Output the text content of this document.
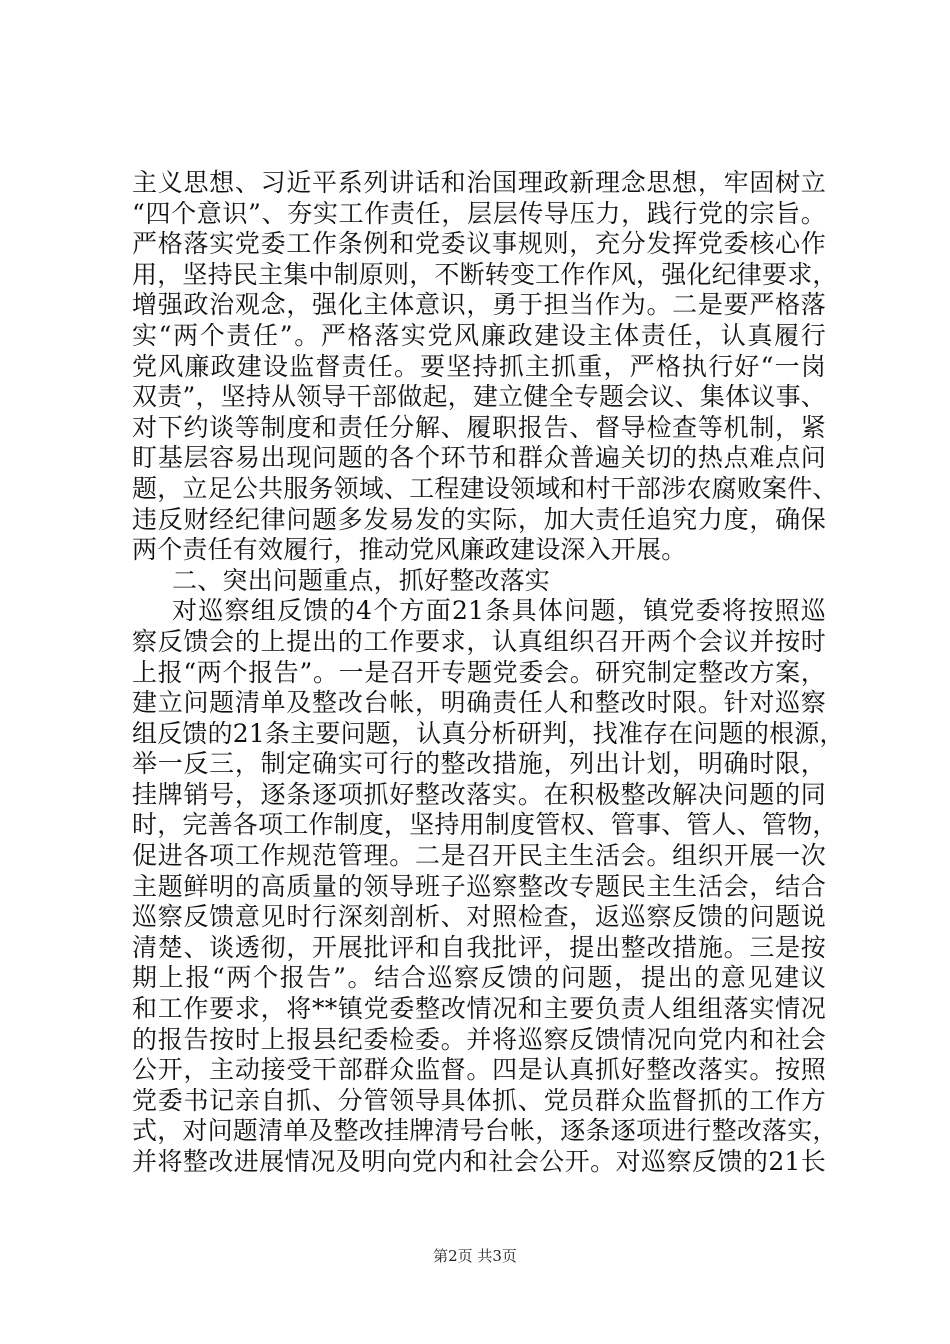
主义思想、习近平系列讲话和治国理政新理念思想，牢固树立
“四个意识”、夯实工作责任，层层传导压力，践行党的宗旨。
严格落实党委工作条例和党委议事规则，充分发挥党委核心作
用，坚持民主集中制原则，不断转变工作作风，强化纪律要求，
增强政治观念，强化主体意识，勇于担当作为。二是要严格落
实“两个责任”。严格落实党风廉政建设主体责任，认真履行
党风廉政建设监督责任。要坚持抓主抓重，严格执行好“一岗
双责”，坚持从领导干部做起，建立健全专题会议、集体议事、
对下约谈等制度和责任分解、履职报告、督导检查等机制，紧
盯基层容易出现问题的各个环节和群众普遍关切的热点难点问
题，立足公共服务领域、工程建设领域和村干部涉农腐败案件、
违反财经纪律问题多发易发的实际，加大责任追究力度，确保
两个责任有效履行，推动党风廉政建设深入开展。
二、突出问题重点，抓好整改落实
对巡察组反馈的4个方面21条具体问题，镇党委将按照巡
察反馈会的上提出的工作要求，认真组织召开两个会议并按时
上报“两个报告”。一是召开专题党委会。研究制定整改方案，
建立问题清单及整改台帐，明确责任人和整改时限。针对巡察
组反馈的21条主要问题，认真分析研判，找准存在问题的根源，
举一反三，制定确实可行的整改措施，列出计划，明确时限，
挂牌销号，逐条逐项抓好整改落实。在积极整改解决问题的同
时，完善各项工作制度，坚持用制度管权、管事、管人、管物，
促进各项工作规范管理。二是召开民主生活会。组织开展一次
主题鲜明的高质量的领导班子巡察整改专题民主生活会，结合
巡察反馈意见时行深刻剖析、对照检查，返巡察反馈的问题说
清楚、谈透彻，开展批评和自我批评，提出整改措施。三是按
期上报“两个报告”。结合巡察反馈的问题，提出的意见建议
和工作要求，将**镇党委整改情况和主要负责人组组落实情况
的报告按时上报县纪委检委。并将巡察反馈情况向党内和社会
公开，主动接受干部群众监督。四是认真抓好整改落实。按照
党委书记亲自抓、分管领导具体抓、党员群众监督抓的工作方
式，对问题清单及整改挂牌清号台帐，逐条逐项进行整改落实，
并将整改进展情况及明向党内和社会公开。对巡察反馈的21长
第2页 共3页
